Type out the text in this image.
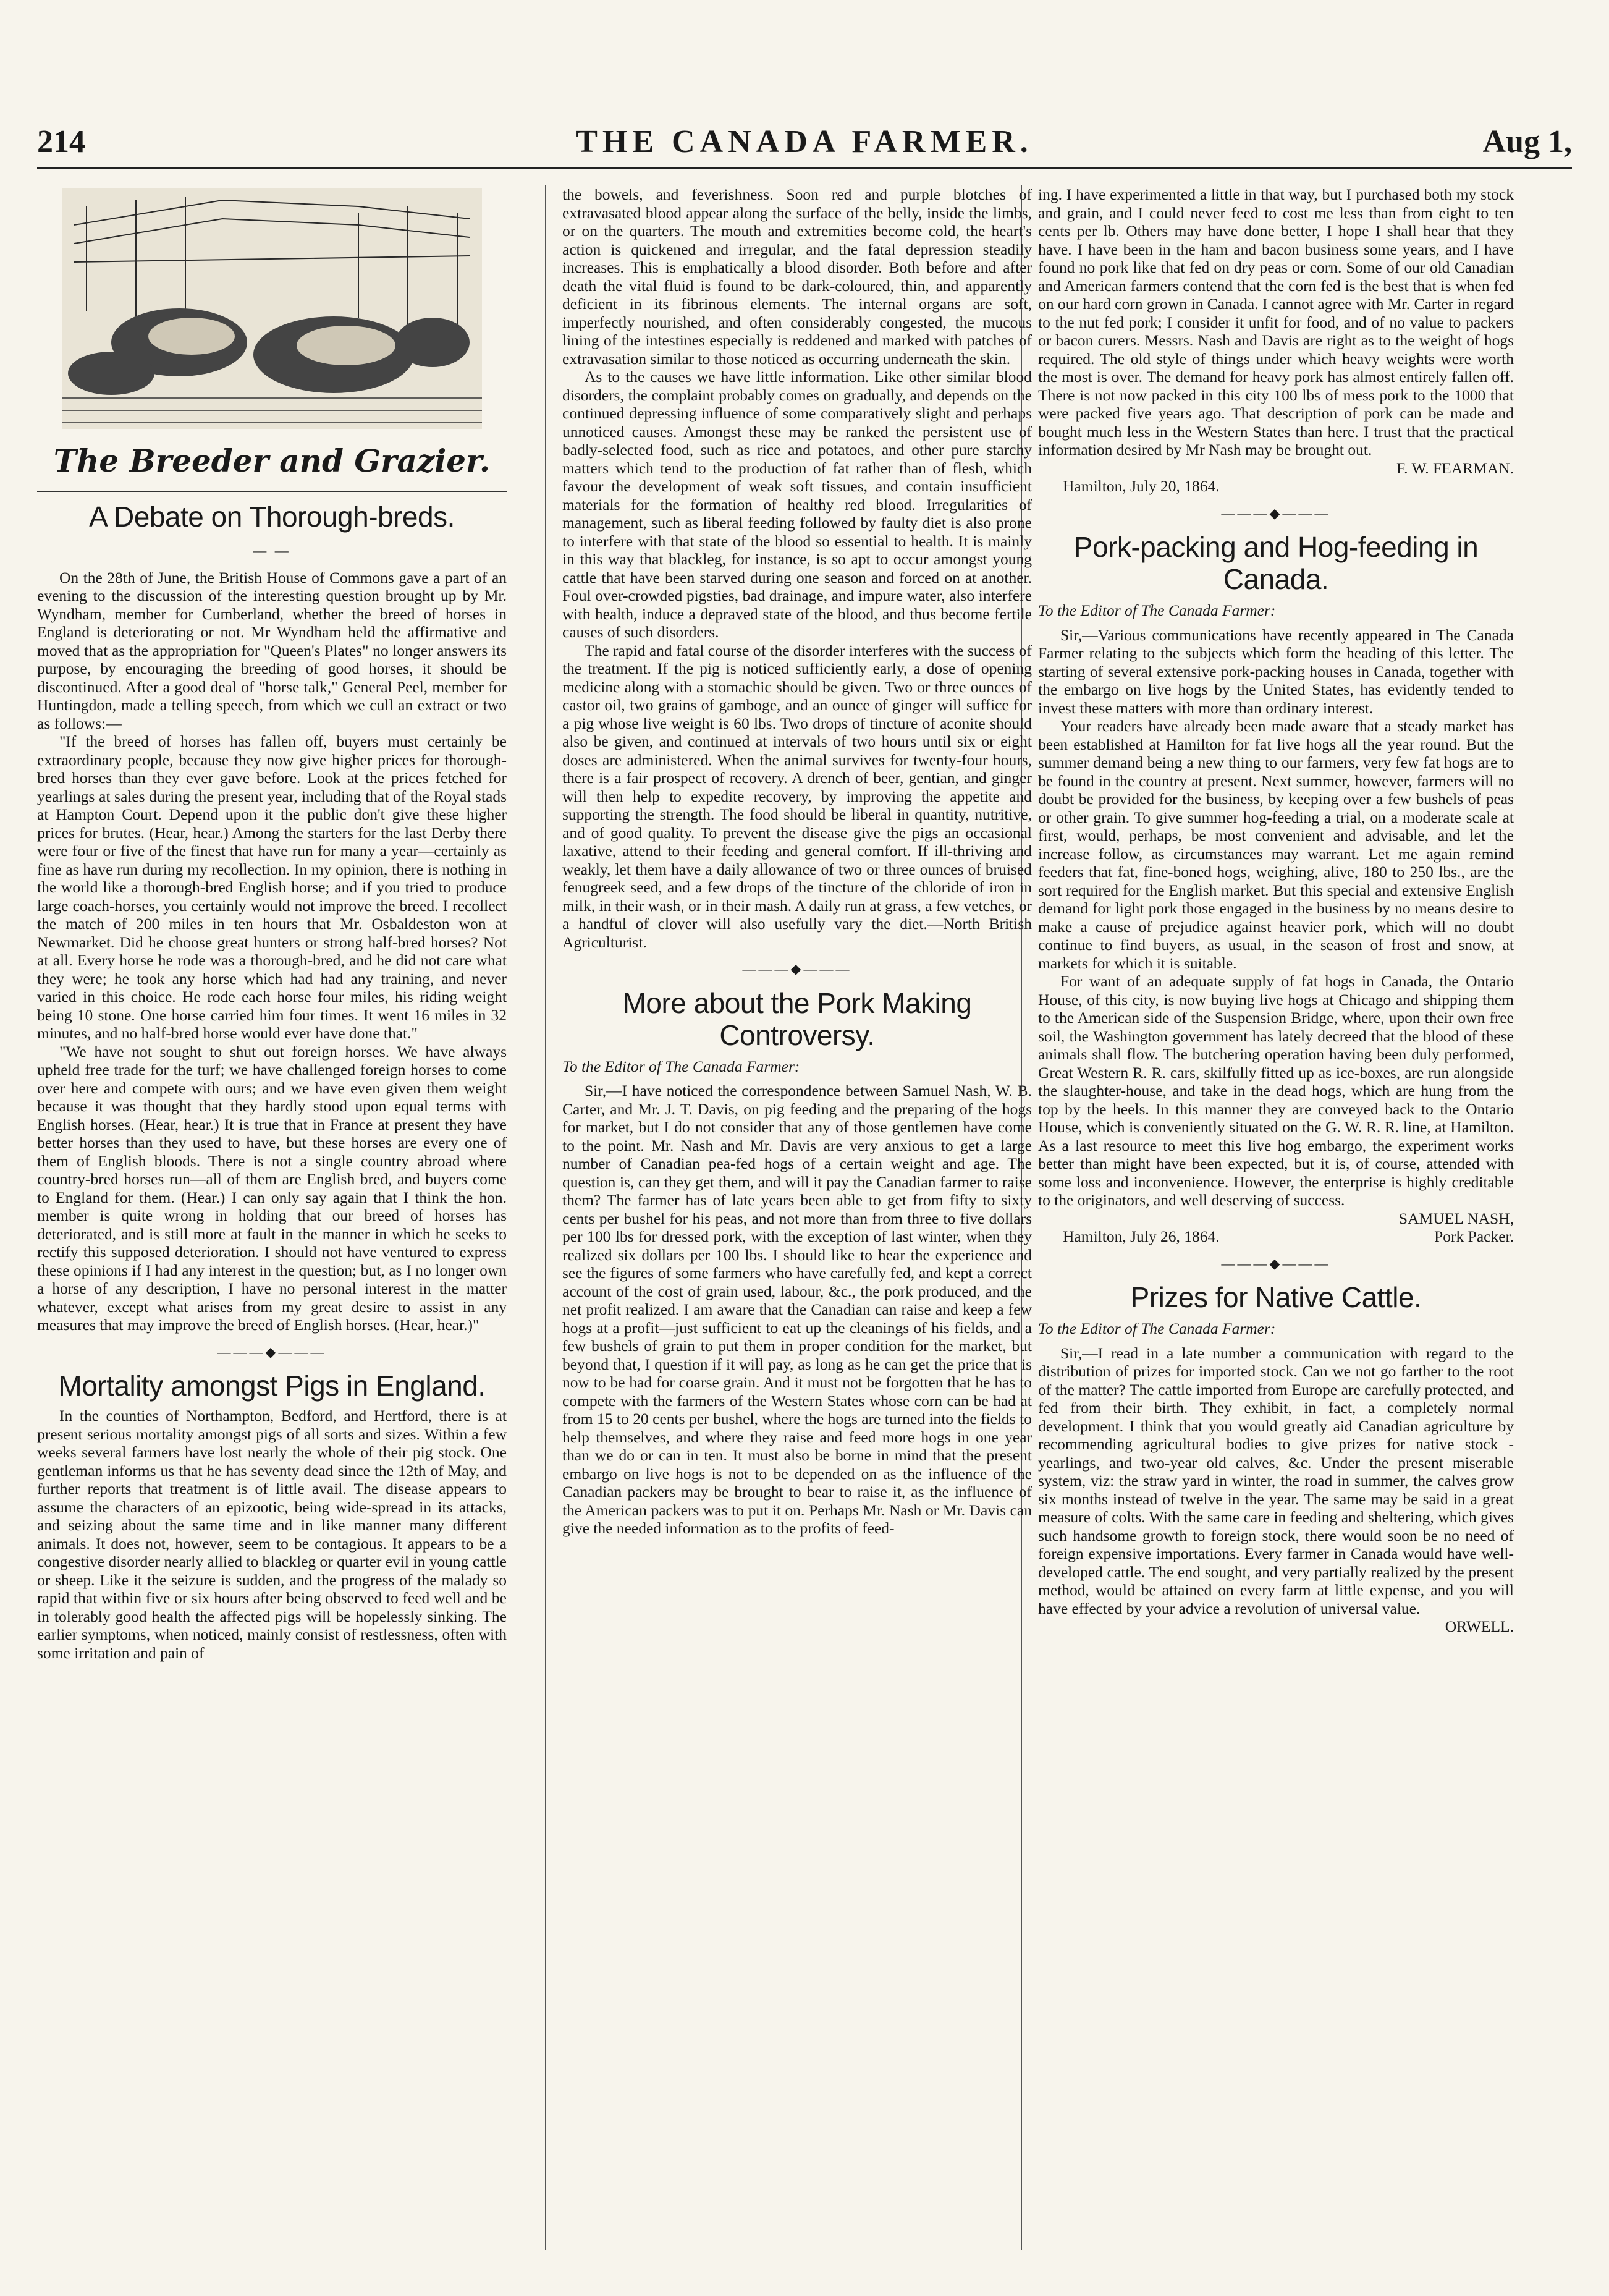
214	THE CANADA FARMER.	Aug 1,
The Breeder and Grazier.
A Debate on Thorough-breds.
— —

On the 28th of June, the British House of Commons gave a part of an evening to the discussion of the interesting question brought up by Mr. Wyndham, member for Cumberland, whether the breed of horses in England is deteriorating or not. Mr Wyndham held the affirmative and moved that as the appropriation for "Queen's Plates" no longer answers its purpose, by encouraging the breeding of good horses, it should be discontinued. After a good deal of "horse talk," General Peel, member for Huntingdon, made a telling speech, from which we cull an extract or two as follows:—

"If the breed of horses has fallen off, buyers must certainly be extraordinary people, because they now give higher prices for thorough-bred horses than they ever gave before. Look at the prices fetched for yearlings at sales during the present year, including that of the Royal stads at Hampton Court. Depend upon it the public don't give these higher prices for brutes. (Hear, hear.) Among the starters for the last Derby there were four or five of the finest that have run for many a year—certainly as fine as have run during my recollection. In my opinion, there is nothing in the world like a thorough-bred English horse; and if you tried to produce large coach-horses, you certainly would not improve the breed. I recollect the match of 200 miles in ten hours that Mr. Osbaldeston won at Newmarket. Did he choose great hunters or strong half-bred horses? Not at all. Every horse he rode was a thorough-bred, and he did not care what they were; he took any horse which had had any training, and never varied in this choice. He rode each horse four miles, his riding weight being 10 stone. One horse carried him four times. It went 16 miles in 32 minutes, and no half-bred horse would ever have done that."

"We have not sought to shut out foreign horses. We have always upheld free trade for the turf; we have challenged foreign horses to come over here and compete with ours; and we have even given them weight because it was thought that they hardly stood upon equal terms with English horses. (Hear, hear.) It is true that in France at present they have better horses than they used to have, but these horses are every one of them of English bloods. There is not a single country abroad where country-bred horses run—all of them are English bred, and buyers come to England for them. (Hear.) I can only say again that I think the hon. member is quite wrong in holding that our breed of horses has deteriorated, and is still more at fault in the manner in which he seeks to rectify this supposed deterioration. I should not have ventured to express these opinions if I had any interest in the question; but, as I no longer own a horse of any description, I have no personal interest in the matter whatever, except what arises from my great desire to assist in any measures that may improve the breed of English horses. (Hear, hear.)"

———◆———
Mortality amongst Pigs in England.

In the counties of Northampton, Bedford, and Hertford, there is at present serious mortality amongst pigs of all sorts and sizes. Within a few weeks several farmers have lost nearly the whole of their pig stock. One gentleman informs us that he has seventy dead since the 12th of May, and further reports that treatment is of little avail. The disease appears to assume the characters of an epizootic, being wide-spread in its attacks, and seizing about the same time and in like manner many different animals. It does not, however, seem to be contagious. It appears to be a congestive disorder nearly allied to blackleg or quarter evil in young cattle or sheep. Like it the seizure is sudden, and the progress of the malady so rapid that within five or six hours after being observed to feed well and be in tolerably good health the affected pigs will be hopelessly sinking. The earlier symptoms, when noticed, mainly consist of restlessness, often with some irritation and pain of

the bowels, and feverishness. Soon red and purple blotches of extravasated blood appear along the surface of the belly, inside the limbs, or on the quarters. The mouth and extremities become cold, the heart's action is quickened and irregular, and the fatal depression steadily increases. This is emphatically a blood disorder. Both before and after death the vital fluid is found to be dark-coloured, thin, and apparently deficient in its fibrinous elements. The internal organs are soft, imperfectly nourished, and often considerably congested, the mucous lining of the intestines especially is reddened and marked with patches of extravasation similar to those noticed as occurring underneath the skin.

As to the causes we have little information. Like other similar blood disorders, the complaint probably comes on gradually, and depends on the continued depressing influence of some comparatively slight and perhaps unnoticed causes. Amongst these may be ranked the persistent use of badly-selected food, such as rice and potatoes, and other pure starchy matters which tend to the production of fat rather than of flesh, which favour the development of weak soft tissues, and contain insufficient materials for the formation of healthy red blood. Irregularities of management, such as liberal feeding followed by faulty diet is also prone to interfere with that state of the blood so essential to health. It is mainly in this way that blackleg, for instance, is so apt to occur amongst young cattle that have been starved during one season and forced on at another. Foul over-crowded pigsties, bad drainage, and impure water, also interfere with health, induce a depraved state of the blood, and thus become fertile causes of such disorders.

The rapid and fatal course of the disorder interferes with the success of the treatment. If the pig is noticed sufficiently early, a dose of opening medicine along with a stomachic should be given. Two or three ounces of castor oil, two grains of gamboge, and an ounce of ginger will suffice for a pig whose live weight is 60 lbs. Two drops of tincture of aconite should also be given, and continued at intervals of two hours until six or eight doses are administered. When the animal survives for twenty-four hours, there is a fair prospect of recovery. A drench of beer, gentian, and ginger will then help to expedite recovery, by improving the appetite and supporting the strength. The food should be liberal in quantity, nutritive, and of good quality. To prevent the disease give the pigs an occasional laxative, attend to their feeding and general comfort. If ill-thriving and weakly, let them have a daily allowance of two or three ounces of bruised fenugreek seed, and a few drops of the tincture of the chloride of iron in milk, in their wash, or in their mash. A daily run at grass, a few vetches, or a handful of clover will also usefully vary the diet.—North British Agriculturist.

———◆———
More about the Pork Making Controversy.

To the Editor of The Canada Farmer:

Sir,—I have noticed the correspondence between Samuel Nash, W. B. Carter, and Mr. J. T. Davis, on pig feeding and the preparing of the hogs for market, but I do not consider that any of those gentlemen have come to the point. Mr. Nash and Mr. Davis are very anxious to get a large number of Canadian pea-fed hogs of a certain weight and age. The question is, can they get them, and will it pay the Canadian farmer to raise them? The farmer has of late years been able to get from fifty to sixty cents per bushel for his peas, and not more than from three to five dollars per 100 lbs for dressed pork, with the exception of last winter, when they realized six dollars per 100 lbs. I should like to hear the experience and see the figures of some farmers who have carefully fed, and kept a correct account of the cost of grain used, labour, &c., the pork produced, and the net profit realized. I am aware that the Canadian can raise and keep a few hogs at a profit—just sufficient to eat up the cleanings of his fields, and a few bushels of grain to put them in proper condition for the market, but beyond that, I question if it will pay, as long as he can get the price that is now to be had for coarse grain. And it must not be forgotten that he has to compete with the farmers of the Western States whose corn can be had at from 15 to 20 cents per bushel, where the hogs are turned into the fields to help themselves, and where they raise and feed more hogs in one year than we do or can in ten. It must also be borne in mind that the present embargo on live hogs is not to be depended on as the influence of the Canadian packers may be brought to bear to raise it, as the influence of the American packers was to put it on. Perhaps Mr. Nash or Mr. Davis can give the needed information as to the profits of feed-

ing. I have experimented a little in that way, but I purchased both my stock and grain, and I could never feed to cost me less than from eight to ten cents per lb. Others may have done better, I hope I shall hear that they have. I have been in the ham and bacon business some years, and I have found no pork like that fed on dry peas or corn. Some of our old Canadian and American farmers contend that the corn fed is the best that is when fed on our hard corn grown in Canada. I cannot agree with Mr. Carter in regard to the nut fed pork; I consider it unfit for food, and of no value to packers or bacon curers. Messrs. Nash and Davis are right as to the weight of hogs required. The old style of things under which heavy weights were worth the most is over. The demand for heavy pork has almost entirely fallen off. There is not now packed in this city 100 lbs of mess pork to the 1000 that were packed five years ago. That description of pork can be made and bought much less in the Western States than here. I trust that the practical information desired by Mr Nash may be brought out.

F. W. FEARMAN.

Hamilton, July 20, 1864.

———◆———
Pork-packing and Hog-feeding in Canada.

To the Editor of The Canada Farmer:

Sir,—Various communications have recently appeared in The Canada Farmer relating to the subjects which form the heading of this letter. The starting of several extensive pork-packing houses in Canada, together with the embargo on live hogs by the United States, has evidently tended to invest these matters with more than ordinary interest.

Your readers have already been made aware that a steady market has been established at Hamilton for fat live hogs all the year round. But the summer demand being a new thing to our farmers, very few fat hogs are to be found in the country at present. Next summer, however, farmers will no doubt be provided for the business, by keeping over a few bushels of peas or other grain. To give summer hog-feeding a trial, on a moderate scale at first, would, perhaps, be most convenient and advisable, and let the increase follow, as circumstances may warrant. Let me again remind feeders that fat, fine-boned hogs, weighing, alive, 180 to 250 lbs., are the sort required for the English market. But this special and extensive English demand for light pork those engaged in the business by no means desire to make a cause of prejudice against heavier pork, which will no doubt continue to find buyers, as usual, in the season of frost and snow, at markets for which it is suitable.

For want of an adequate supply of fat hogs in Canada, the Ontario House, of this city, is now buying live hogs at Chicago and shipping them to the American side of the Suspension Bridge, where, upon their own free soil, the Washington government has lately decreed that the blood of these animals shall flow. The butchering operation having been duly performed, Great Western R. R. cars, skilfully fitted up as ice-boxes, are run alongside the slaughter-house, and take in the dead hogs, which are hung from the top by the heels. In this manner they are conveyed back to the Ontario House, which is conveniently situated on the G. W. R. R. line, at Hamilton. As a last resource to meet this live hog embargo, the experiment works better than might have been expected, but it is, of course, attended with some loss and inconvenience. However, the enterprise is highly creditable to the originators, and well deserving of success.

SAMUEL NASH,

Hamilton, July 26, 1864.	Pork Packer.
———◆———
Prizes for Native Cattle.

To the Editor of The Canada Farmer:

Sir,—I read in a late number a communication with regard to the distribution of prizes for imported stock. Can we not go farther to the root of the matter? The cattle imported from Europe are carefully protected, and fed from their birth. They exhibit, in fact, a completely normal development. I think that you would greatly aid Canadian agriculture by recommending agricultural bodies to give prizes for native stock - yearlings, and two-year old calves, &c. Under the present miserable system, viz: the straw yard in winter, the road in summer, the calves grow six months instead of twelve in the year. The same may be said in a great measure of colts. With the same care in feeding and sheltering, which gives such handsome growth to foreign stock, there would soon be no need of foreign expensive importations. Every farmer in Canada would have well-developed cattle. The end sought, and very partially realized by the present method, would be attained on every farm at little expense, and you will have effected by your advice a revolution of universal value.

ORWELL.
